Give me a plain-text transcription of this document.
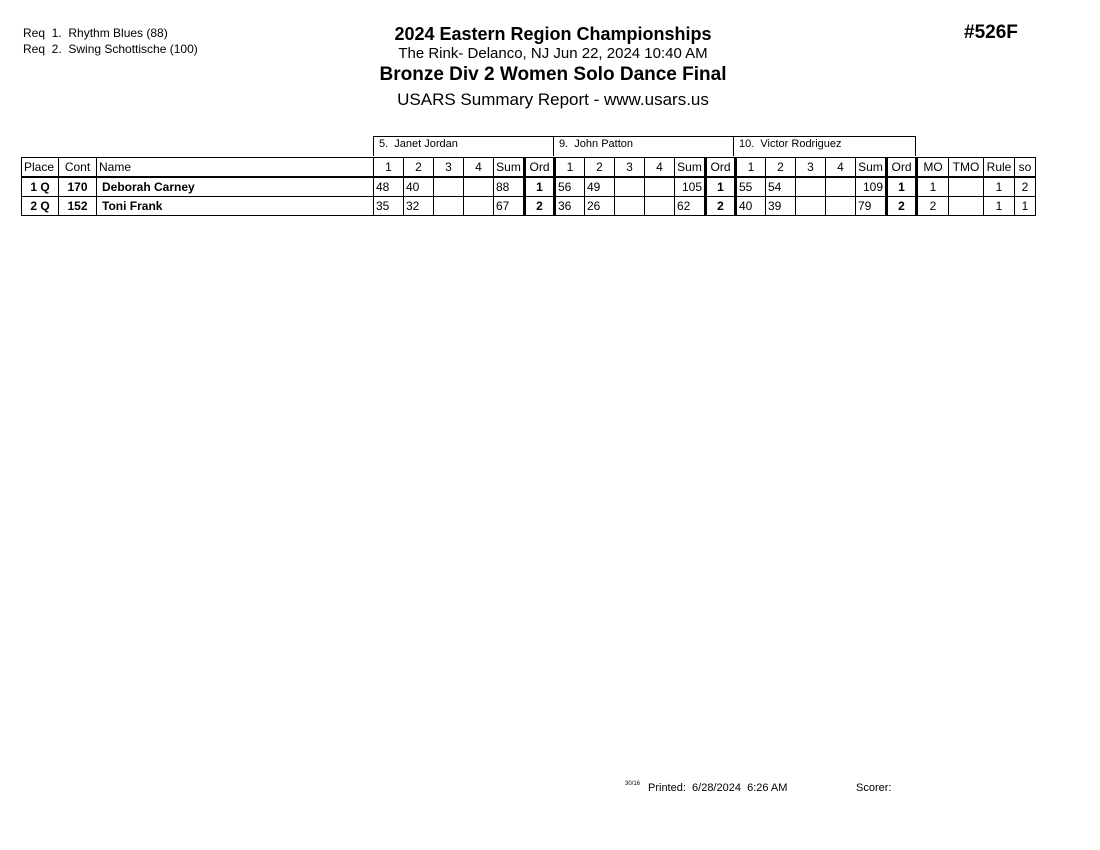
Req  1.  Rhythm Blues (88)
Req  2.  Swing Schottische (100)
#526F
2024 Eastern Region Championships
The Rink- Delanco, NJ Jun 22, 2024 10:40 AM
Bronze Div 2 Women Solo Dance Final
USARS Summary Report - www.usars.us
5.  Janet Jordan	9.  John Patton	10.  Victor Rodriguez
Place	Cont	Name	1	2	3	4	Sum	Ord	1	2	3	4	Sum	Ord	1	2	3	4	Sum	Ord	MO	TMO	Rule	so
1 Q	170	Deborah Carney	48	40			88	1	56	49			105	1	55	54			109	1	1		1	2
2 Q	152	Toni Frank	35	32			67	2	36	26			62	2	40	39			79	2	2		1	1
30/16 Printed:  6/28/2024  6:26 AM	Scorer:
